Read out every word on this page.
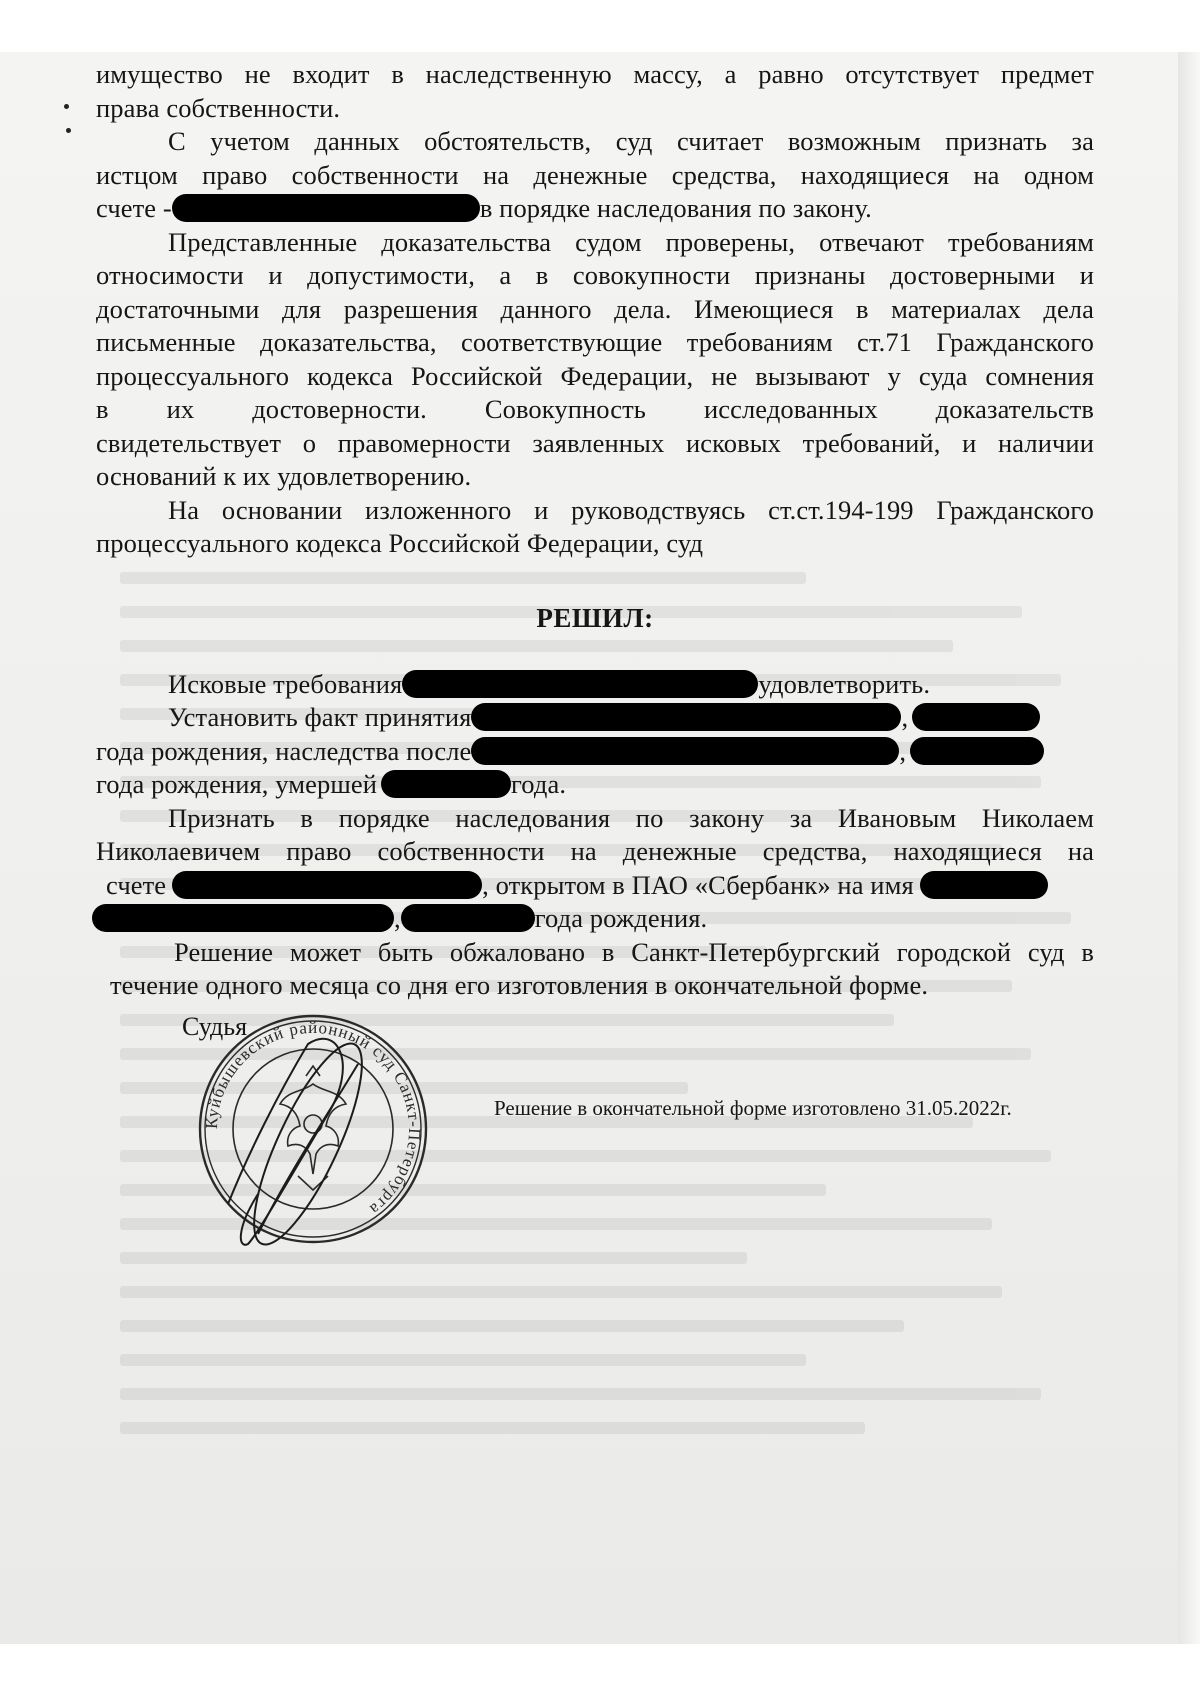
имущество не входит в наследственную массу, а равно отсутствует предмет
права собственности.

С учетом данных обстоятельств, суд считает возможным признать за
истцом право собственности на денежные средства, находящиеся на одном
счете -	в порядке наследования по закону.

Представленные доказательства судом проверены, отвечают требованиям
относимости и допустимости, а в совокупности признаны достоверными и
достаточными для разрешения данного дела. Имеющиеся в материалах дела
письменные доказательства, соответствующие требованиям ст.71 Гражданского
процессуального кодекса Российской Федерации, не вызывают у суда сомнения
в их достоверности. Совокупность исследованных доказательств
свидетельствует о правомерности заявленных исковых требований, и наличии
оснований к их удовлетворению.

На основании изложенного и руководствуясь ст.ст.194-199 Гражданского
процессуального кодекса Российской Федерации, суд

РЕШИЛ:

Исковые требования	удовлетворить.

Установить факт принятия	,
года рождения, наследства после	,
года рождения, умершей	года.

Признать в порядке наследования по закону за Ивановым Николаем
Николаевичем право собственности на денежные средства, находящиеся на
счете	, открытом в ПАО «Сбербанк» на имя
,	года рождения.

Решение может быть обжаловано в Санкт-Петербургский городской суд в
течение одного месяца со дня его изготовления в окончательной форме.

Судья
Куйбышевский районный суд Санкт-Петербурга
Решение в окончательной форме изготовлено 31.05.2022г.
